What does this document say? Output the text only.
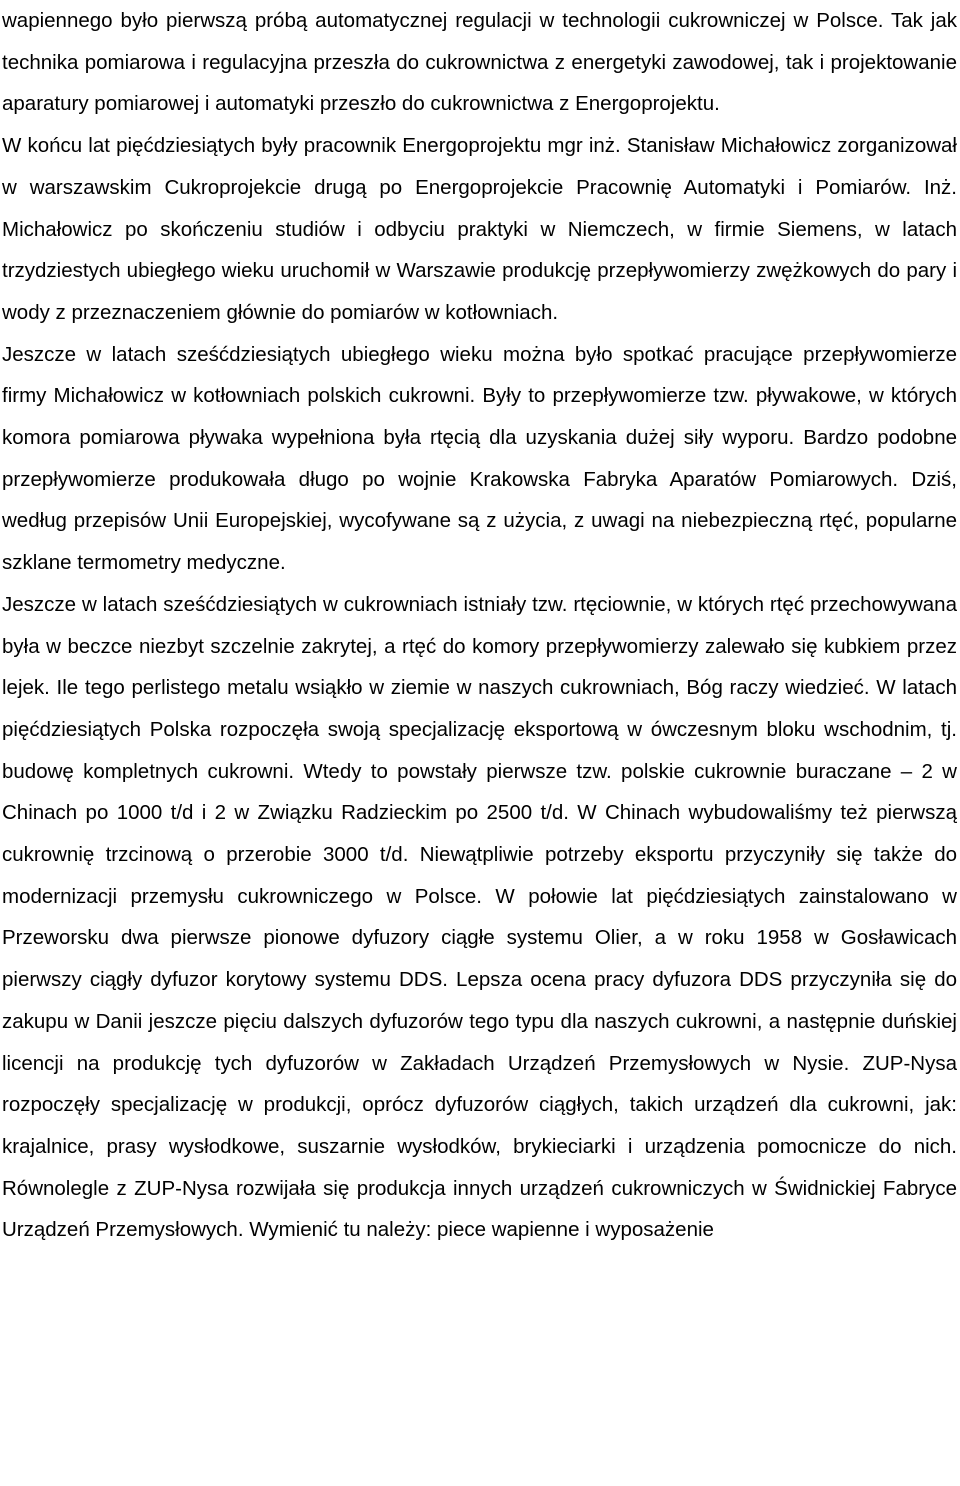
wapiennego było pierwszą próbą automatycznej regulacji w technologii cukrowniczej w Polsce. Tak jak technika pomiarowa i regulacyjna przeszła do cukrownictwa z energetyki zawodowej, tak i projektowanie aparatury pomiarowej i automatyki przeszło do cukrownictwa z Energoprojektu.

W końcu lat pięćdziesiątych były pracownik Energoprojektu mgr inż. Stanisław Michałowicz zorganizował w warszawskim Cukroprojekcie drugą po Energoprojekcie Pracownię Automatyki i Pomiarów. Inż. Michałowicz po skończeniu studiów i odbyciu praktyki w Niemczech, w firmie Siemens, w latach trzydziestych ubiegłego wieku uruchomił w Warszawie produkcję przepływomierzy zwężkowych do pary i wody z przeznaczeniem głównie do pomiarów w kotłowniach.

Jeszcze w latach sześćdziesiątych ubiegłego wieku można było spotkać pracujące przepływomierze firmy Michałowicz w kotłowniach polskich cukrowni. Były to przepływomierze tzw. pływakowe, w których komora pomiarowa pływaka wypełniona była rtęcią dla uzyskania dużej siły wyporu. Bardzo podobne przepływomierze produkowała długo po wojnie Krakowska Fabryka Aparatów Pomiarowych. Dziś, według przepisów Unii Europejskiej, wycofywane są z użycia, z uwagi na niebezpieczną rtęć, popularne szklane termometry medyczne.

Jeszcze w latach sześćdziesiątych w cukrowniach istniały tzw. rtęciownie, w których rtęć przechowywana była w beczce niezbyt szczelnie zakrytej, a rtęć do komory przepływomierzy zalewało się kubkiem przez lejek. Ile tego perlistego metalu wsiąkło w ziemie w naszych cukrowniach, Bóg raczy wiedzieć. W latach pięćdziesiątych Polska rozpoczęła swoją specjalizację eksportową w ówczesnym bloku wschodnim, tj. budowę kompletnych cukrowni. Wtedy to powstały pierwsze tzw. polskie cukrownie buraczane – 2 w Chinach po 1000 t/d i 2 w Związku Radzieckim po 2500 t/d. W Chinach wybudowaliśmy też pierwszą cukrownię trzcinową o przerobie 3000 t/d. Niewątpliwie potrzeby eksportu przyczyniły się także do modernizacji przemysłu cukrowniczego w Polsce. W połowie lat pięćdziesiątych zainstalowano w Przeworsku dwa pierwsze pionowe dyfuzory ciągłe systemu Olier, a w roku 1958 w Gosławicach pierwszy ciągły dyfuzor korytowy systemu DDS. Lepsza ocena pracy dyfuzora DDS przyczyniła się do zakupu w Danii jeszcze pięciu dalszych dyfuzorów tego typu dla naszych cukrowni, a następnie duńskiej licencji na produkcję tych dyfuzorów w Zakładach Urządzeń Przemysłowych w Nysie. ZUP-Nysa rozpoczęły specjalizację w produkcji, oprócz dyfuzorów ciągłych, takich urządzeń dla cukrowni, jak: krajalnice, prasy wysłodkowe, suszarnie wysłodków, brykieciarki i urządzenia pomocnicze do nich. Równolegle z ZUP-Nysa rozwijała się produkcja innych urządzeń cukrowniczych w Świdnickiej Fabryce Urządzeń Przemysłowych. Wymienić tu należy: piece wapienne i wyposażenie
